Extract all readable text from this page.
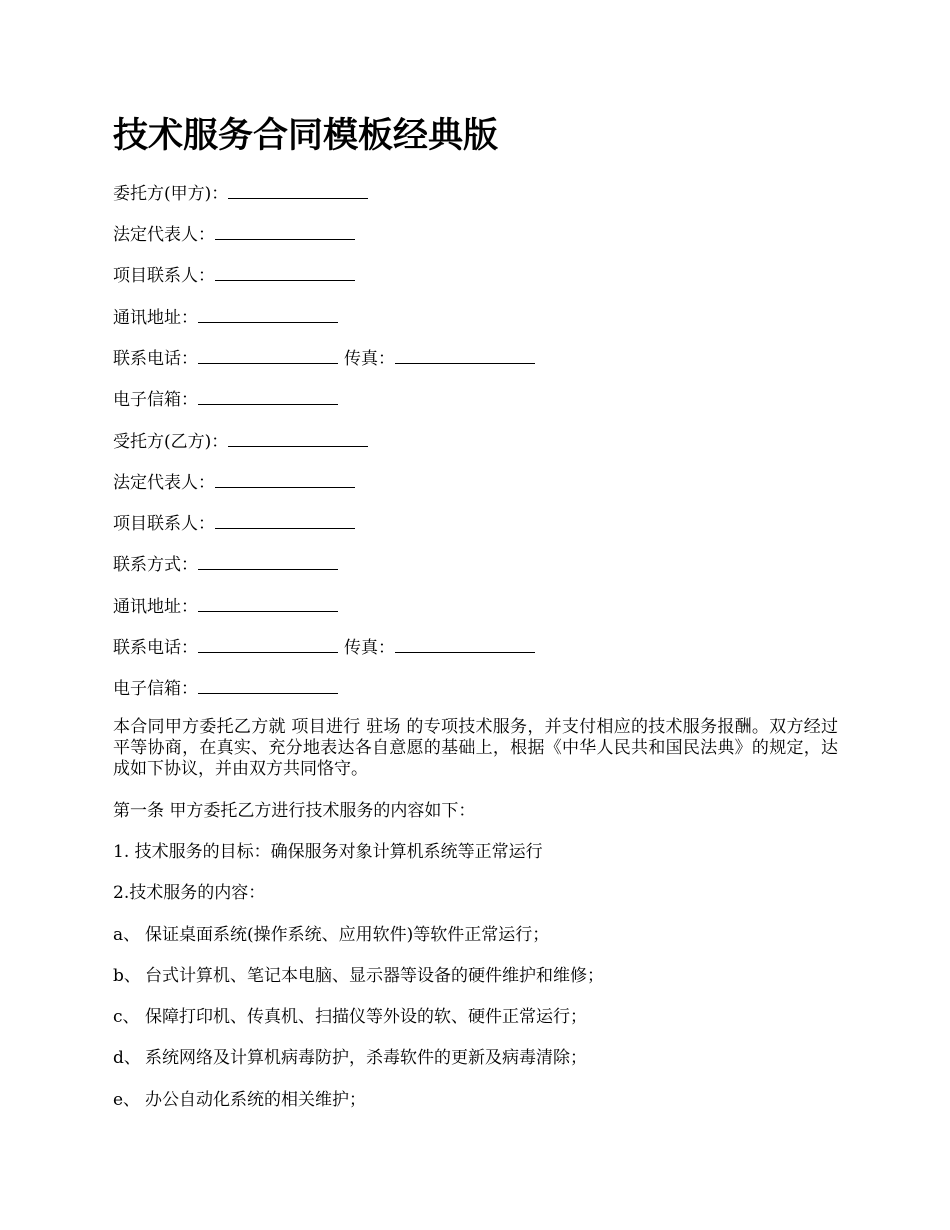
技术服务合同模板经典版

委托方(甲方)：

法定代表人：

项目联系人：

通讯地址：

联系电话：	传真：

电子信箱：

受托方(乙方)：

法定代表人：

项目联系人：

联系方式：

通讯地址：

联系电话：	传真：

电子信箱：

本合同甲方委托乙方就 项目进行 驻场 的专项技术服务，并支付相应的技术服务报酬。双方经过平等协商，在真实、充分地表达各自意愿的基础上，根据《中华人民共和国民法典》的规定，达成如下协议，并由双方共同恪守。

第一条 甲方委托乙方进行技术服务的内容如下：

1. 技术服务的目标：确保服务对象计算机系统等正常运行

2.技术服务的内容：

a、 保证桌面系统(操作系统、应用软件)等软件正常运行；

b、 台式计算机、笔记本电脑、显示器等设备的硬件维护和维修；

c、 保障打印机、传真机、扫描仪等外设的软、硬件正常运行；

d、 系统网络及计算机病毒防护，杀毒软件的更新及病毒清除；

e、 办公自动化系统的相关维护；
